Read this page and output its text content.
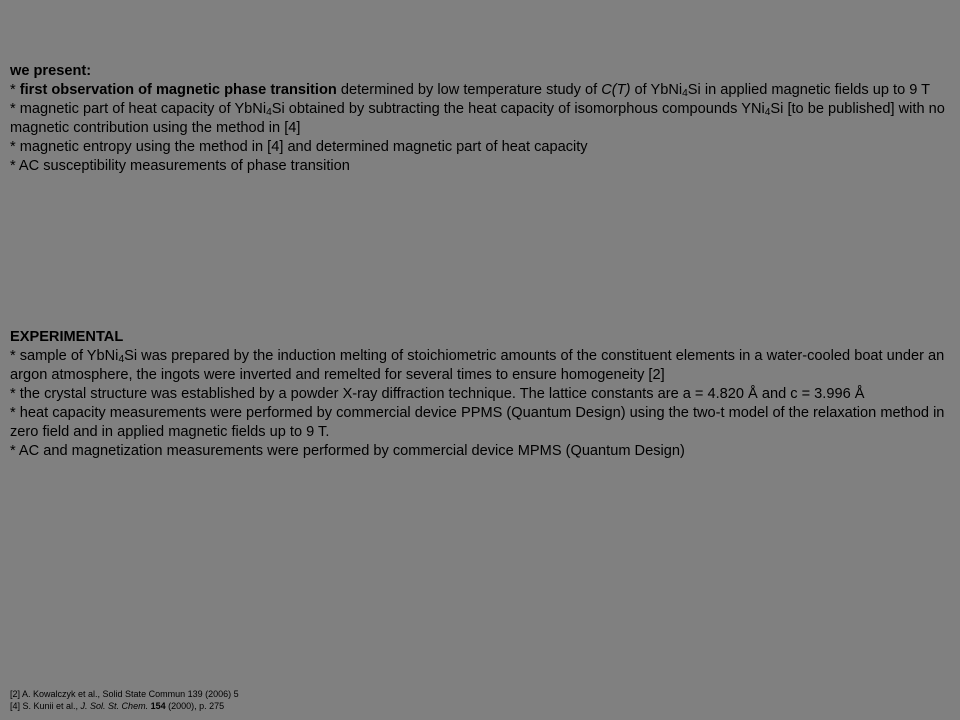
we present:
* first observation of magnetic phase transition determined by low temperature study of C(T) of YbNi$_4$Si in applied magnetic fields up to 9 T
* magnetic part of heat capacity of YbNi$_4$Si obtained by subtracting the heat capacity of isomorphous compounds YNi$_4$Si [to be published] with no magnetic contribution using the method in [4]
* magnetic entropy using the method in [4] and determined magnetic part of heat capacity
* AC susceptibility measurements of phase transition
EXPERIMENTAL
* sample of YbNi$_4$Si was prepared by the induction melting of stoichiometric amounts of the constituent elements in a water-cooled boat under an argon atmosphere, the ingots were inverted and remelted for several times to ensure homogeneity [2]
* the crystal structure was established by a powder X-ray diffraction technique. The lattice constants are a = 4.820 Å and c = 3.996 Å
* heat capacity measurements were performed by commercial device PPMS (Quantum Design) using the two-t model of the relaxation method in zero field and in applied magnetic fields up to 9 T.
* AC and magnetization measurements were performed by commercial device MPMS (Quantum Design)
[2] A. Kowalczyk et al., Solid State Commun 139 (2006) 5
[4] S. Kunii et al., J. Sol. St. Chem. 154 (2000), p. 275
